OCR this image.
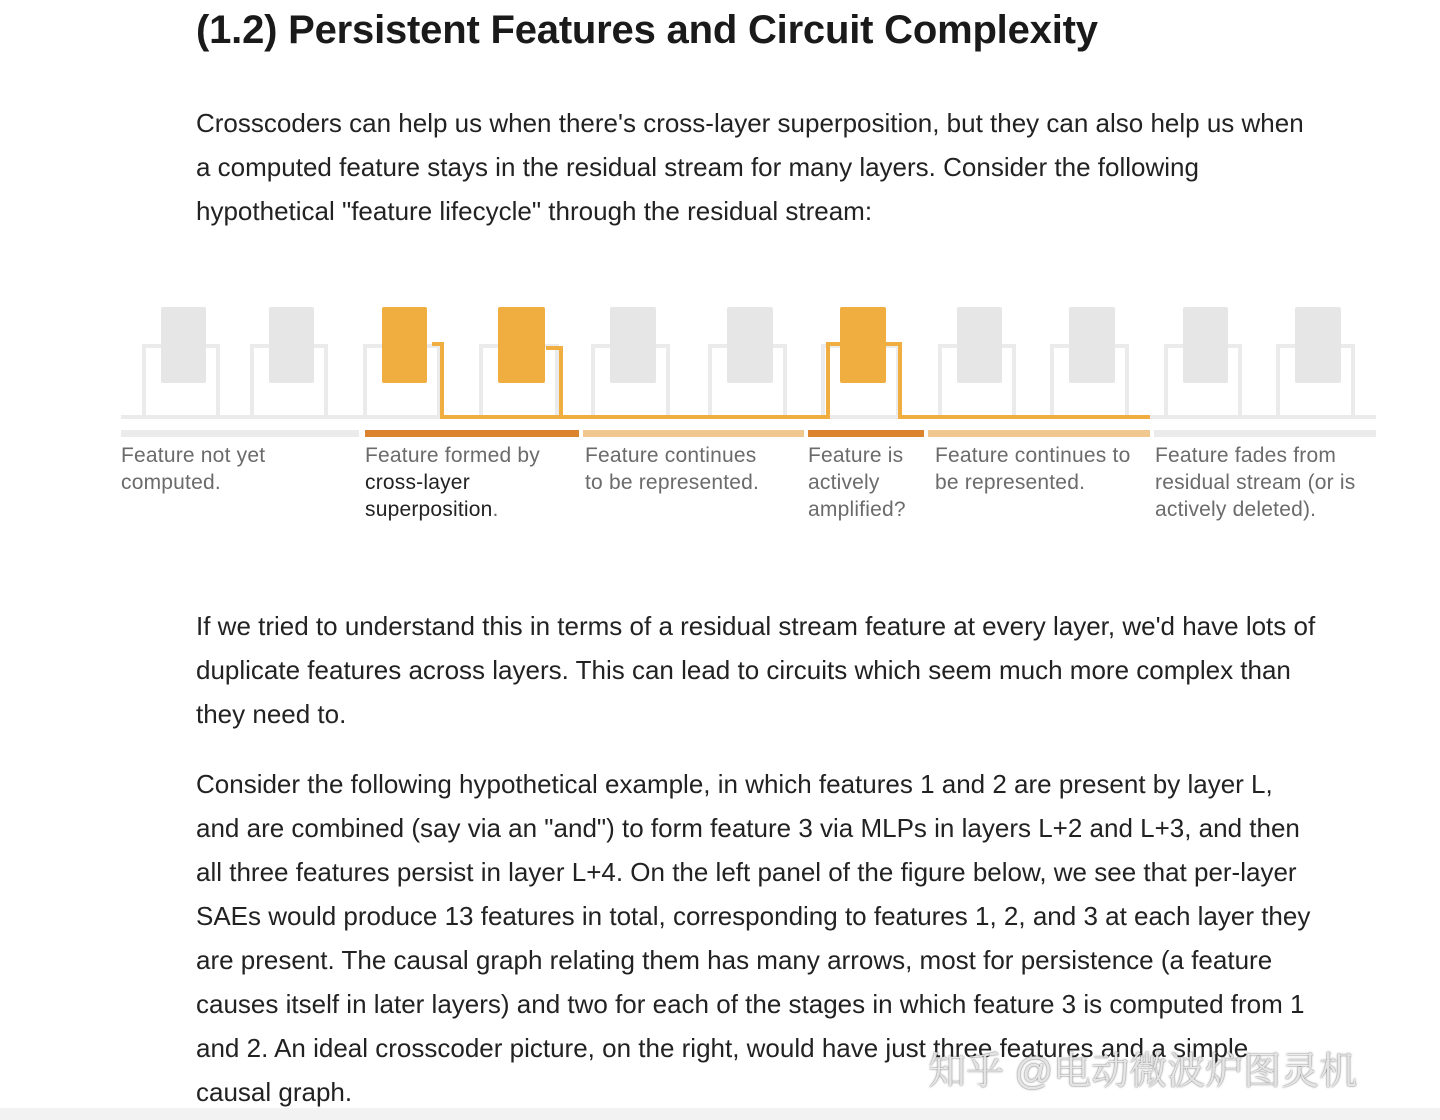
(1.2) Persistent Features and Circuit Complexity

Crosscoders can help us when there's cross-layer superposition, but they can also help us when a computed feature stays in the residual stream for many layers. Consider the following hypothetical "feature lifecycle" through the residual stream:

Feature not yet computed.
Feature formed by cross-layer superposition.
Feature continues to be represented.
Feature is actively amplified?
Feature continues to be represented.
Feature fades from residual stream (or is actively deleted).

If we tried to understand this in terms of a residual stream feature at every layer, we'd have lots of duplicate features across layers. This can lead to circuits which seem much more complex than they need to.

Consider the following hypothetical example, in which features 1 and 2 are present by layer L, and are combined (say via an "and") to form feature 3 via MLPs in layers L+2 and L+3, and then all three features persist in layer L+4. On the left panel of the figure below, we see that per-layer SAEs would produce 13 features in total, corresponding to features 1, 2, and 3 at each layer they are present. The causal graph relating them has many arrows, most for persistence (a feature causes itself in later layers) and two for each of the stages in which feature 3 is computed from 1 and 2. An ideal crosscoder picture, on the right, would have just three features and a simple causal graph.	知乎 @电动微波炉图灵机
